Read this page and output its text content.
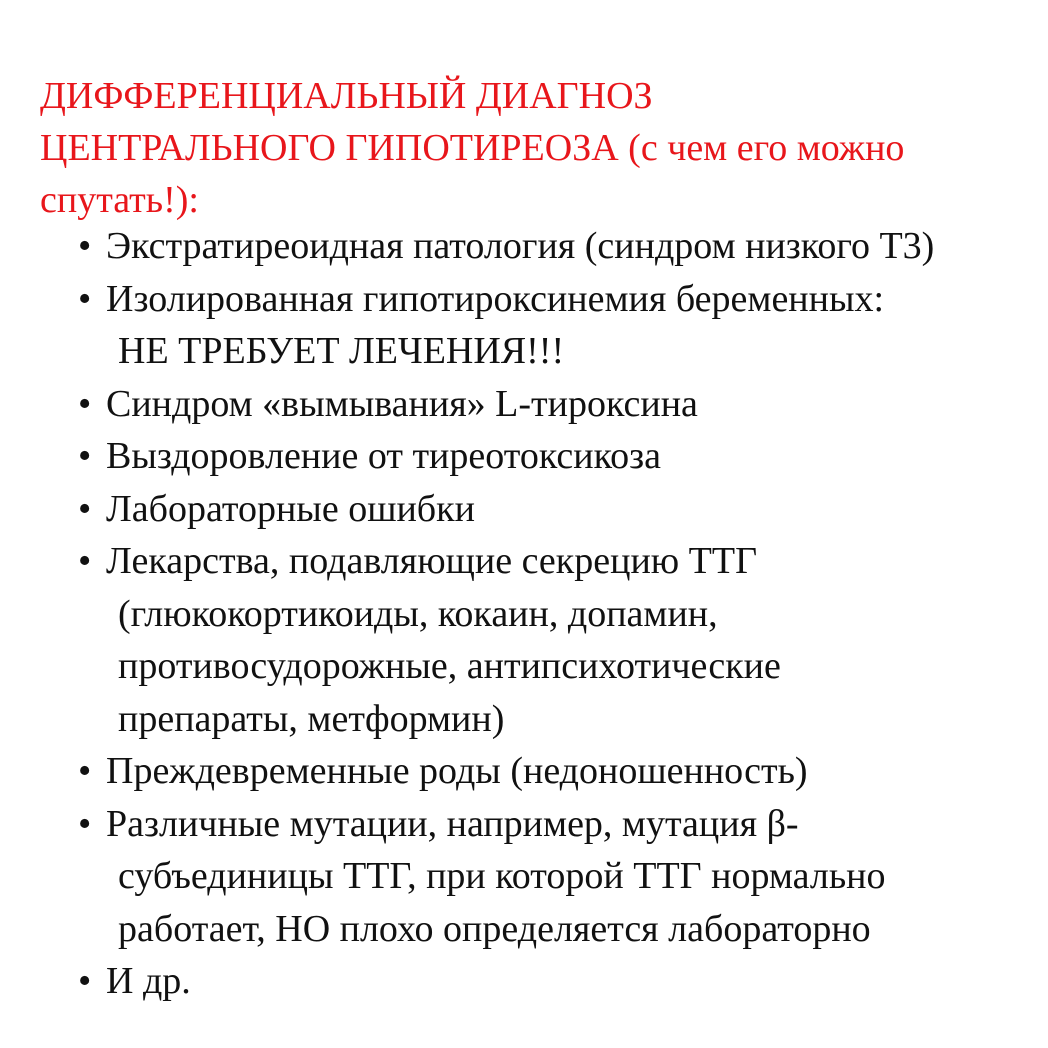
ДИФФЕРЕНЦИАЛЬНЫЙ ДИАГНОЗ
ЦЕНТРАЛЬНОГО ГИПОТИРЕОЗА (с чем его можно
спутать!):
• Экстратиреоидная патология (синдром низкого Т3)
• Изолированная гипотироксинемия беременных:
НЕ ТРЕБУЕТ ЛЕЧЕНИЯ!!!
• Синдром «вымывания» L-тироксина
• Выздоровление от тиреотоксикоза
• Лабораторные ошибки
• Лекарства, подавляющие секрецию ТТГ
(глюкокортикоиды, кокаин, допамин,
противосудорожные, антипсихотические
препараты, метформин)
• Преждевременные роды (недоношенность)
• Различные мутации, например, мутация β-
субъединицы ТТГ, при которой ТТГ нормально
работает, НО плохо определяется лабораторно
• И др.
